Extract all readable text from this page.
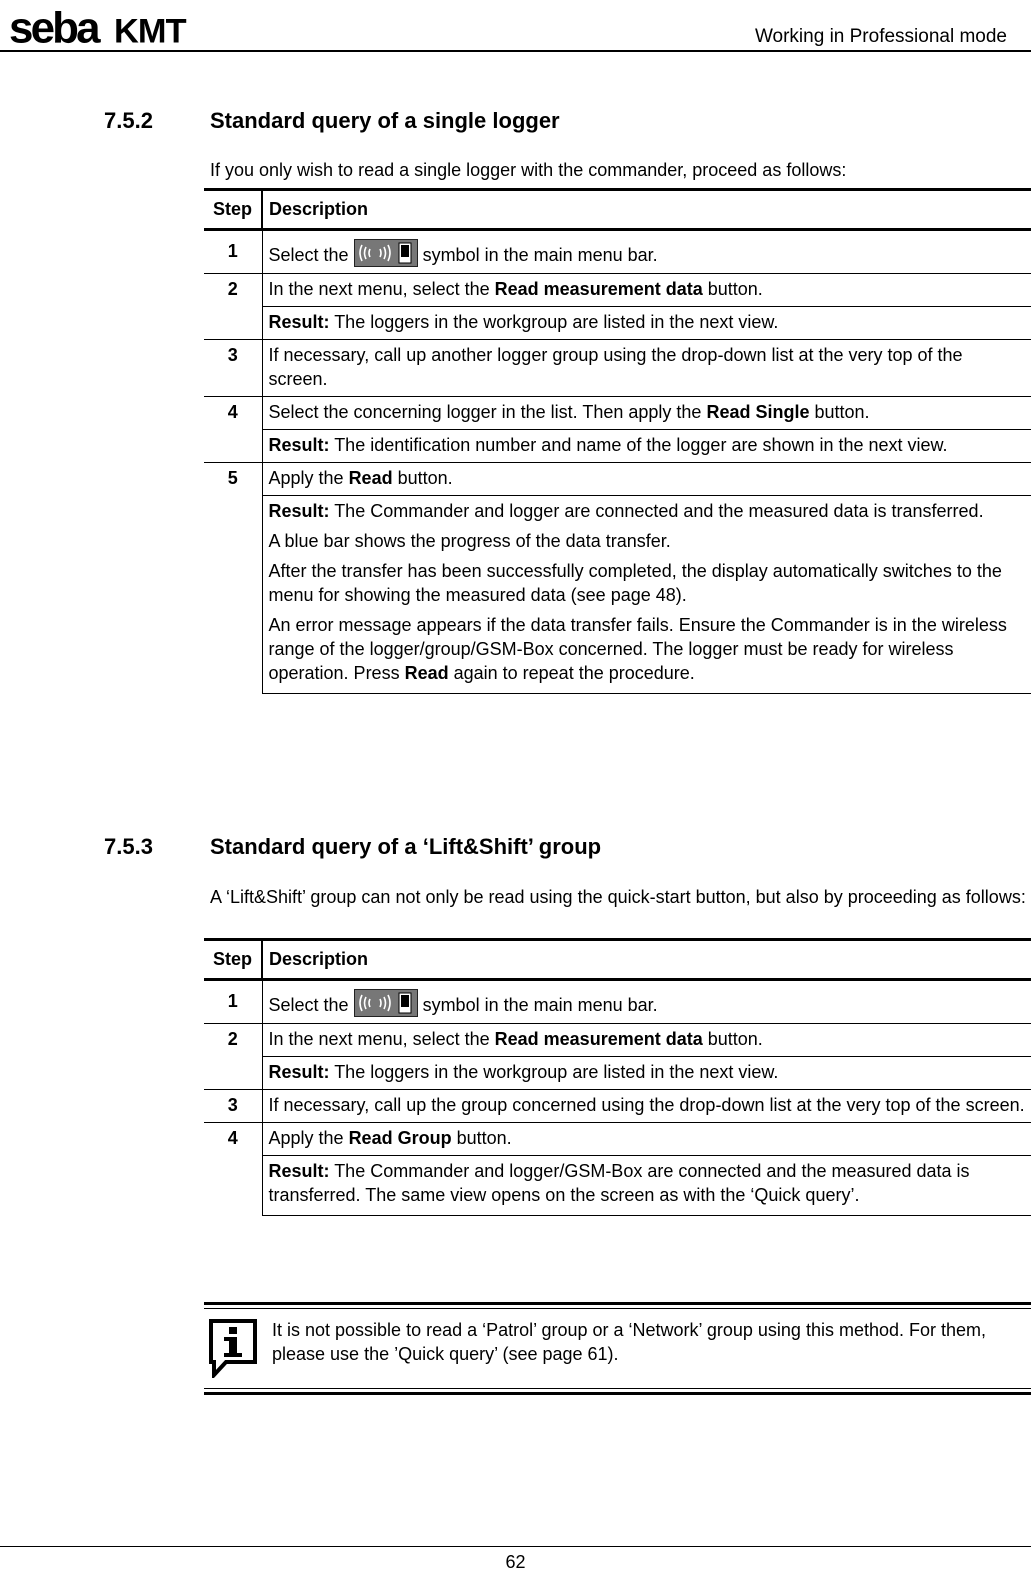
seba KMT	Working in Professional mode
7.5.2	Standard query of a single logger
If you only wish to read a single logger with the commander, proceed as follows:
Step	Description
1	Select the symbol in the main menu bar.
2	In the next menu, select the Read measurement data button.
	Result: The loggers in the workgroup are listed in the next view.
3	If necessary, call up another logger group using the drop-down list at the very top of the screen.
4	Select the concerning logger in the list. Then apply the Read Single button.
	Result: The identification number and name of the logger are shown in the next view.
5	Apply the Read button.

	Result: The Commander and logger are connected and the measured data is transferred.
A blue bar shows the progress of the data transfer.
After the transfer has been successfully completed, the display automatically switches to the menu for showing the measured data (see page 48).
An error message appears if the data transfer fails. Ensure the Commander is in the wireless range of the logger/group/GSM-Box concerned. The logger must be ready for wireless operation. Press Read again to repeat the procedure.
7.5.3	Standard query of a ‘Lift&Shift’ group
A ‘Lift&Shift’ group can not only be read using the quick-start button, but also by proceeding as follows:
Step	Description
1	Select the symbol in the main menu bar.
2	In the next menu, select the Read measurement data button.
	Result: The loggers in the workgroup are listed in the next view.
3	If necessary, call up the group concerned using the drop-down list at the very top of the screen.
4	Apply the Read Group button.
	Result: The Commander and logger/GSM-Box are connected and the measured data is transferred. The same view opens on the screen as with the ‘Quick query’.
It is not possible to read a ‘Patrol’ group or a ‘Network’ group using this method. For them, please use the ’Quick query’ (see page 61).
62
